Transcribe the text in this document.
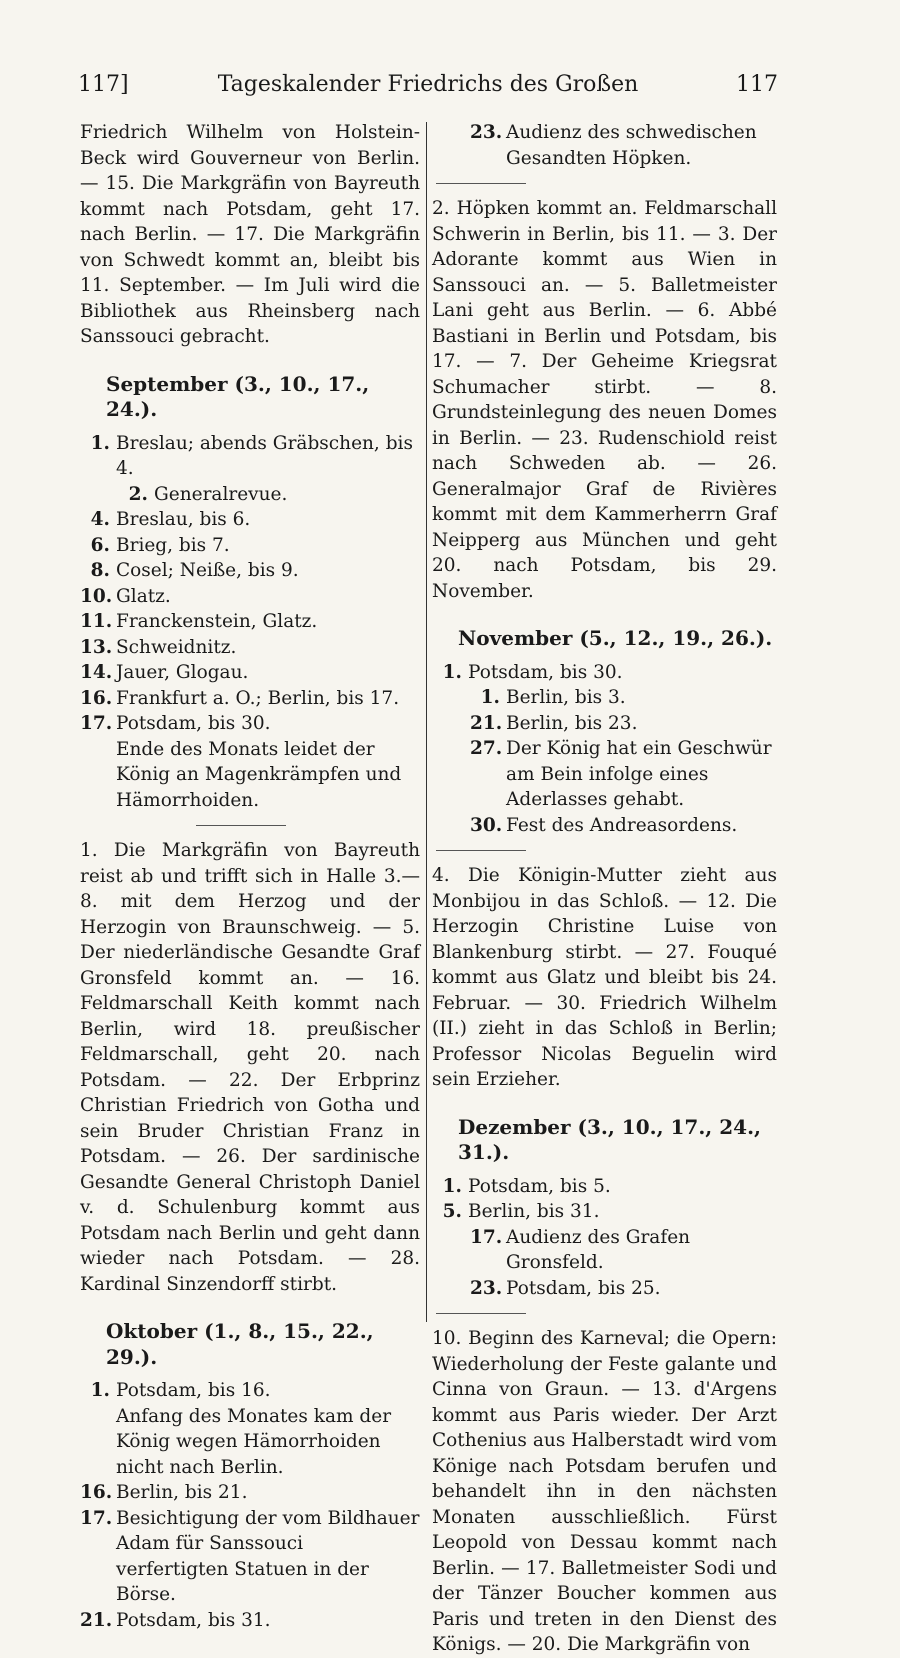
117]	Tageskalender Friedrichs des Großen	117

Friedrich Wilhelm von Holstein-Beck wird Gouverneur von Berlin. — 15. Die Markgräfin von Bayreuth kommt nach Potsdam, geht 17. nach Berlin. — 17. Die Markgräfin von Schwedt kommt an, bleibt bis 11. September. — Im Juli wird die Bibliothek aus Rheinsberg nach Sanssouci gebracht.

September (3., 10., 17., 24.).

1. Breslau; abends Gräbschen, bis 4.
2. Generalrevue.
4. Breslau, bis 6.
6. Brieg, bis 7.
8. Cosel; Neiße, bis 9.
10. Glatz.
11. Franckenstein, Glatz.
13. Schweidnitz.
14. Jauer, Glogau.
16. Frankfurt a. O.; Berlin, bis 17.
17. Potsdam, bis 30.

Ende des Monats leidet der König an Magenkrämpfen und Hämorrhoiden.

1. Die Markgräfin von Bayreuth reist ab und trifft sich in Halle 3.—8. mit dem Herzog und der Herzogin von Braunschweig. — 5. Der niederländische Gesandte Graf Gronsfeld kommt an. — 16. Feldmarschall Keith kommt nach Berlin, wird 18. preußischer Feldmarschall, geht 20. nach Potsdam. — 22. Der Erbprinz Christian Friedrich von Gotha und sein Bruder Christian Franz in Potsdam. — 26. Der sardinische Gesandte General Christoph Daniel v. d. Schulenburg kommt aus Potsdam nach Berlin und geht dann wieder nach Potsdam. — 28. Kardinal Sinzendorff stirbt.

Oktober (1., 8., 15., 22., 29.).

1. Potsdam, bis 16.

Anfang des Monates kam der König wegen Hämorrhoiden nicht nach Berlin.

16. Berlin, bis 21.
17. Besichtigung der vom Bildhauer Adam für Sanssouci verfertigten Statuen in der Börse.
21. Potsdam, bis 31.
23. Audienz des schwedischen Gesandten Höpken.

2. Höpken kommt an. Feldmarschall Schwerin in Berlin, bis 11. — 3. Der Adorante kommt aus Wien in Sanssouci an. — 5. Balletmeister Lani geht aus Berlin. — 6. Abbé Bastiani in Berlin und Potsdam, bis 17. — 7. Der Geheime Kriegsrat Schumacher stirbt. — 8. Grundsteinlegung des neuen Domes in Berlin. — 23. Rudenschiold reist nach Schweden ab. — 26. Generalmajor Graf de Rivières kommt mit dem Kammerherrn Graf Neipperg aus München und geht 20. nach Potsdam, bis 29. November.

November (5., 12., 19., 26.).

1. Potsdam, bis 30.
1. Berlin, bis 3.
21. Berlin, bis 23.
27. Der König hat ein Geschwür am Bein infolge eines Aderlasses gehabt.
30. Fest des Andreasordens.

4. Die Königin-Mutter zieht aus Monbijou in das Schloß. — 12. Die Herzogin Christine Luise von Blankenburg stirbt. — 27. Fouqué kommt aus Glatz und bleibt bis 24. Februar. — 30. Friedrich Wilhelm (II.) zieht in das Schloß in Berlin; Professor Nicolas Beguelin wird sein Erzieher.

Dezember (3., 10., 17., 24., 31.).

1. Potsdam, bis 5.
5. Berlin, bis 31.
17. Audienz des Grafen Gronsfeld.
23. Potsdam, bis 25.

10. Beginn des Karneval; die Opern: Wiederholung der Feste galante und Cinna von Graun. — 13. d'Argens kommt aus Paris wieder. Der Arzt Cothenius aus Halberstadt wird vom Könige nach Potsdam berufen und behandelt ihn in den nächsten Monaten ausschließlich. Fürst Leopold von Dessau kommt nach Berlin. — 17. Balletmeister Sodi und der Tänzer Boucher kommen aus Paris und treten in den Dienst des Königs. — 20. Die Markgräfin von
